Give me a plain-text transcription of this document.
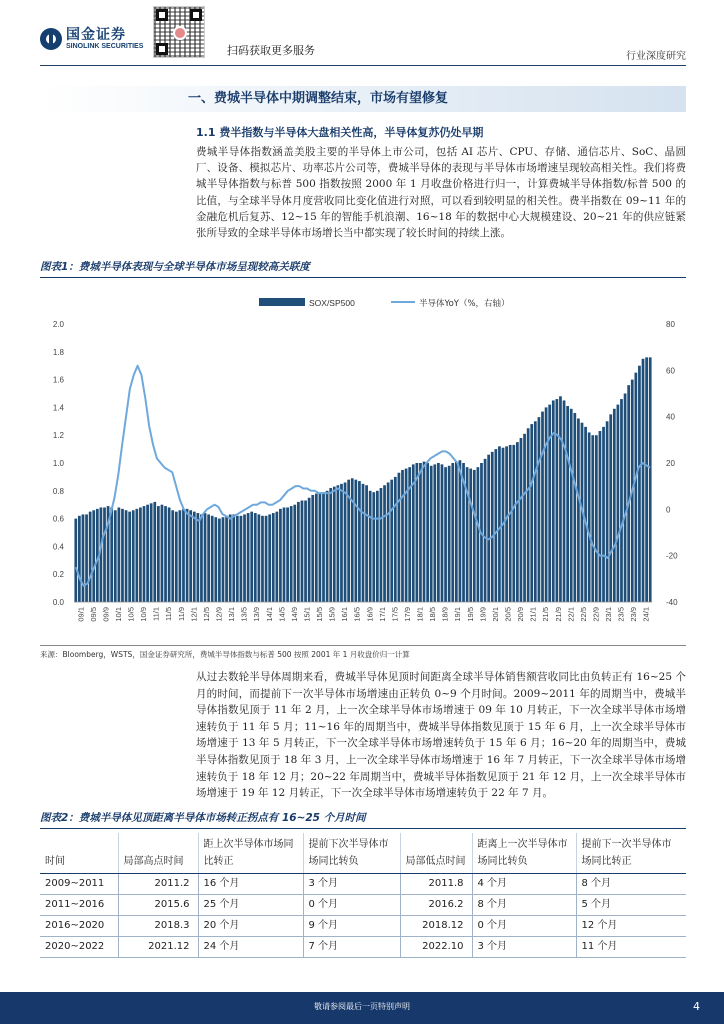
国金证券
SINOLINK SECURITIES	扫码获取更多服务	行业深度研究
一、费城半导体中期调整结束，市场有望修复
1.1 费半指数与半导体大盘相关性高，半导体复苏仍处早期
费城半导体指数涵盖美股主要的半导体上市公司，包括 AI 芯片、CPU、存储、通信芯片、SoC、晶圆厂、设备、模拟芯片、功率芯片公司等，费城半导体的表现与半导体市场增速呈现较高相关性。我们将费城半导体指数与标普 500 指数按照 2000 年 1 月收盘价格进行归一，计算费城半导体指数/标普 500 的比值，与全球半导体月度营收同比变化值进行对照，可以看到较明显的相关性。费半指数在 09~11 年的金融危机后复苏、12~15 年的智能手机浪潮、16~18 年的数据中心大规模建设、20~21 年的供应链紧张所导致的全球半导体市场增长当中都实现了较长时间的持续上涨。
图表1：费城半导体表现与全球半导体市场呈现较高关联度
SOX/SP500	半导体YoY（%，右轴）
0.0
0.2
0.4
0.6
0.8
1.0
1.2
1.4
1.6
1.8
2.0
-40
-20
0
20
40
60
80
09/1 09/5 09/9 10/1 10/5 10/9 11/1 11/5 11/9 12/1 12/5 12/9 13/1 13/5 13/9 14/1 14/5 14/9 15/1 15/5 15/9 16/1 16/5 16/9 17/1 17/5 17/9 18/1 18/5 18/9 19/1 19/5 19/9 20/1 20/5 20/9 21/1 21/5 21/9 22/1 22/5 22/9 23/1 23/5 23/9 24/1
来源：Bloomberg，WSTS，国金证券研究所，费城半导体指数与标普 500 按照 2001 年 1 月收盘价归一计算
从过去数轮半导体周期来看，费城半导体见顶时间距离全球半导体销售额营收同比由负转正有 16~25 个月的时间，而提前下一次半导体市场增速由正转负 0~9 个月时间。2009~2011 年的周期当中，费城半导体指数见顶于 11 年 2 月，上一次全球半导体市场增速于 09 年 10 月转正，下一次全球半导体市场增速转负于 11 年 5 月；11~16 年的周期当中，费城半导体指数见顶于 15 年 6 月，上一次全球半导体市场增速于 13 年 5 月转正，下一次全球半导体市场增速转负于 15 年 6 月；16~20 年的周期当中，费城半导体指数见顶于 18 年 3 月，上一次全球半导体市场增速于 16 年 7 月转正，下一次全球半导体市场增速转负于 18 年 12 月；20~22 年周期当中，费城半导体指数见顶于 21 年 12 月，上一次全球半导体市场增速于 19 年 12 月转正，下一次全球半导体市场增速转负于 22 年 7 月。
图表2：费城半导体见顶距离半导体市场转正拐点有 16~25 个月时间
时间	局部高点时间	距上次半导体市场同比转正	提前下次半导体市场同比转负	局部低点时间	距离上一次半导体市场同比转负	提前下一次半导体市场同比转正
2009~2011	2011.2	16 个月	3 个月	2011.8	4 个月	8 个月
2011~2016	2015.6	25 个月	0 个月	2016.2	8 个月	5 个月
2016~2020	2018.3	20 个月	9 个月	2018.12	0 个月	12 个月
2020~2022	2021.12	24 个月	7 个月	2022.10	3 个月	11 个月
敬请参阅最后一页特别声明	4
